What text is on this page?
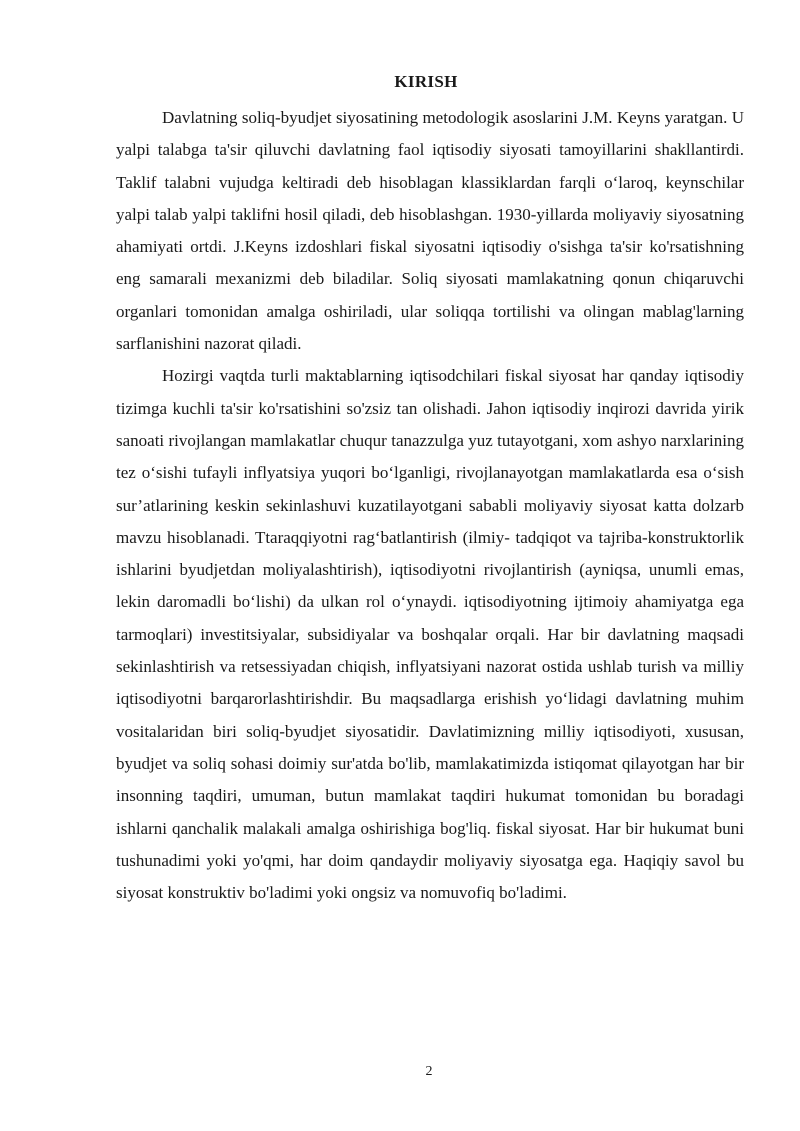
KIRISH

Davlatning soliq-byudjet siyosatining metodologik asoslarini J.M. Keyns yaratgan. U yalpi talabga ta'sir qiluvchi davlatning faol iqtisodiy siyosati tamoyillarini shakllantirdi. Taklif talabni vujudga keltiradi deb hisoblagan klassiklardan farqli o‘laroq, keynschilar yalpi talab yalpi taklifni hosil qiladi, deb hisoblashgan. 1930-yillarda moliyaviy siyosatning ahamiyati ortdi. J.Keyns izdoshlari fiskal siyosatni iqtisodiy o'sishga ta'sir ko'rsatishning eng samarali mexanizmi deb biladilar. Soliq siyosati mamlakatning qonun chiqaruvchi organlari tomonidan amalga oshiriladi, ular soliqqa tortilishi va olingan mablag'larning sarflanishini nazorat qiladi.

Hozirgi vaqtda turli maktablarning iqtisodchilari fiskal siyosat har qanday iqtisodiy tizimga kuchli ta'sir ko'rsatishini so'zsiz tan olishadi. Jahon iqtisodiy inqirozi davrida yirik sanoati rivojlangan mamlakatlar chuqur tanazzulga yuz tutayotgani, xom ashyo narxlarining tez o‘sishi tufayli inflyatsiya yuqori bo‘lganligi, rivojlanayotgan mamlakatlarda esa o‘sish sur’atlarining keskin sekinlashuvi kuzatilayotgani sababli moliyaviy siyosat katta dolzarb mavzu hisoblanadi. Ttaraqqiyotni rag‘batlantirish (ilmiy- tadqiqot va tajriba-konstruktorlik ishlarini byudjetdan moliyalashtirish), iqtisodiyotni rivojlantirish (ayniqsa, unumli emas, lekin daromadli bo‘lishi) da ulkan rol o‘ynaydi. iqtisodiyotning ijtimoiy ahamiyatga ega tarmoqlari) investitsiyalar, subsidiyalar va boshqalar orqali. Har bir davlatning maqsadi sekinlashtirish va retsessiyadan chiqish, inflyatsiyani nazorat ostida ushlab turish va milliy iqtisodiyotni barqarorlashtirishdir. Bu maqsadlarga erishish yo‘lidagi davlatning muhim vositalaridan biri soliq-byudjet siyosatidir. Davlatimizning milliy iqtisodiyoti, xususan, byudjet va soliq sohasi doimiy sur'atda bo'lib, mamlakatimizda istiqomat qilayotgan har bir insonning taqdiri, umuman, butun mamlakat taqdiri hukumat tomonidan bu boradagi ishlarni qanchalik malakali amalga oshirishiga bog'liq. fiskal siyosat. Har bir hukumat buni tushunadimi yoki yo'qmi, har doim qandaydir moliyaviy siyosatga ega. Haqiqiy savol bu siyosat konstruktiv bo'ladimi yoki ongsiz va nomuvofiq bo'ladimi.

2
